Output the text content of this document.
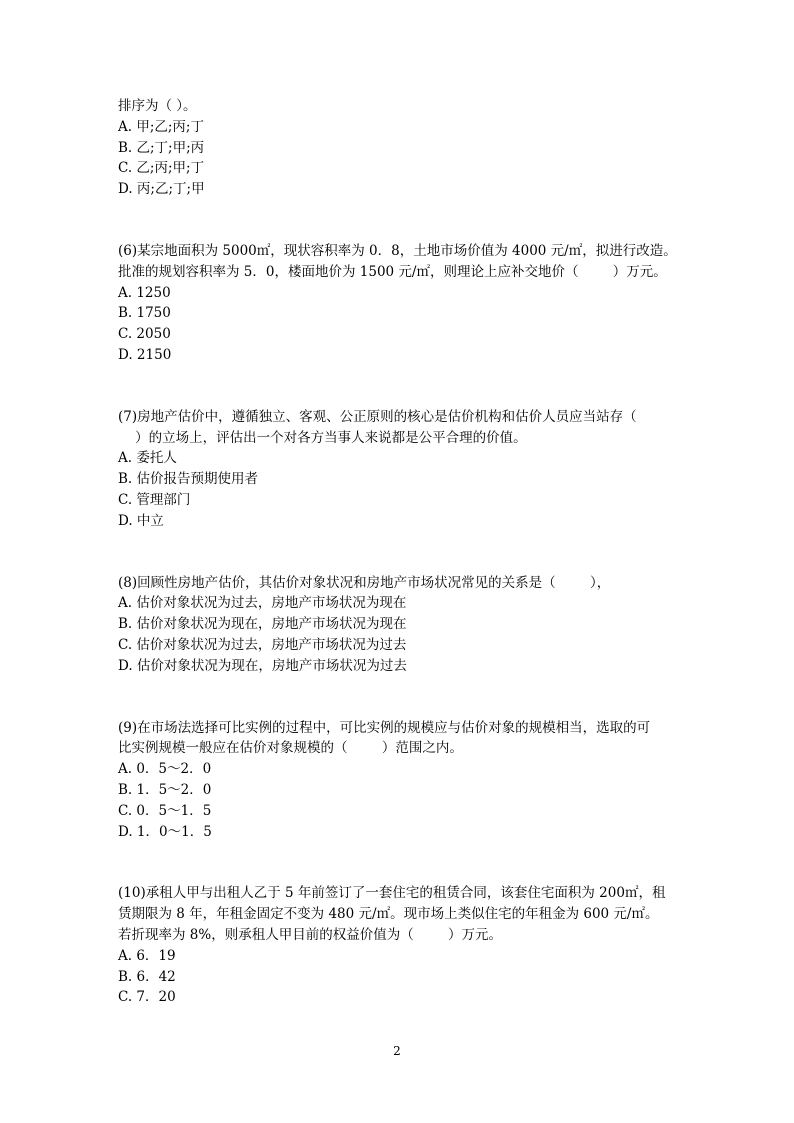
排序为（ ）。
A. 甲;乙;丙;丁
B. 乙;丁;甲;丙
C. 乙;丙;甲;丁
D. 丙;乙;丁;甲
(6)某宗地面积为 5000㎡，现状容积率为 0．8，土地市场价值为 4000 元/㎡，拟进行改造。
批准的规划容积率为 5．0，楼面地价为 1500 元/㎡，则理论上应补交地价（        ）万元。
A. 1250
B. 1750
C. 2050
D. 2150
(7)房地产估价中，遵循独立、客观、公正原则的核心是估价机构和估价人员应当站存（
）的立场上，评估出一个对各方当事人来说都是公平合理的价值。
A. 委托人
B. 估价报告预期使用者
C. 管理部门
D. 中立
(8)回顾性房地产估价，其估价对象状况和房地产市场状况常见的关系是（        ），
A. 估价对象状况为过去，房地产市场状况为现在
B. 估价对象状况为现在，房地产市场状况为现在
C. 估价对象状况为过去，房地产市场状况为过去
D. 估价对象状况为现在，房地产市场状况为过去
(9)在市场法选择可比实例的过程中，可比实例的规模应与估价对象的规模相当，选取的可
比实例规模一般应在估价对象规模的（        ）范围之内。
A. 0．5～2．0
B. 1．5～2．0
C. 0．5～1．5
D. 1．0～1．5
(10)承租人甲与出租人乙于 5 年前签订了一套住宅的租赁合同，该套住宅面积为 200㎡，租
赁期限为 8 年，年租金固定不变为 480 元/㎡。现市场上类似住宅的年租金为 600 元/㎡。
若折现率为 8%，则承租人甲目前的权益价值为（        ）万元。
A. 6．19
B. 6．42
C. 7．20
2
